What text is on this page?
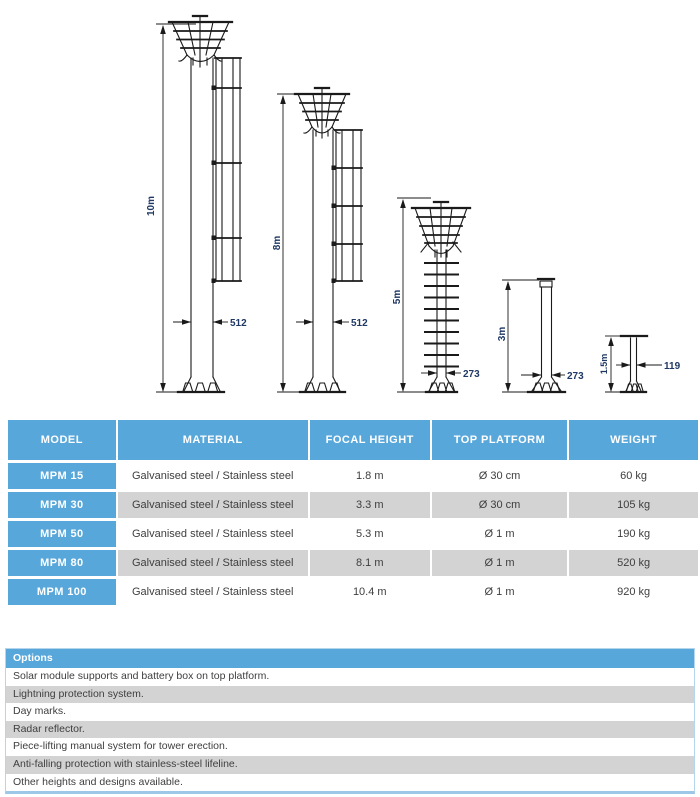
10m
512
8m
512
5m
273
3m
273
1.5m	119
MODEL	MATERIAL	FOCAL HEIGHT	TOP PLATFORM	WEIGHT
MPM 15	Galvanised steel / Stainless steel	1.8 m	Ø 30 cm	60 kg
MPM 30	Galvanised steel / Stainless steel	3.3 m	Ø 30 cm	105 kg
MPM 50	Galvanised steel / Stainless steel	5.3 m	Ø 1 m	190 kg
MPM 80	Galvanised steel / Stainless steel	8.1 m	Ø 1 m	520 kg
MPM 100	Galvanised steel / Stainless steel	10.4 m	Ø 1 m	920 kg
Options
Solar module supports and battery box on top platform.
Lightning protection system.
Day marks.
Radar reflector.
Piece-lifting manual system for tower erection.
Anti-falling protection with stainless-steel lifeline.
Other heights and designs available.
